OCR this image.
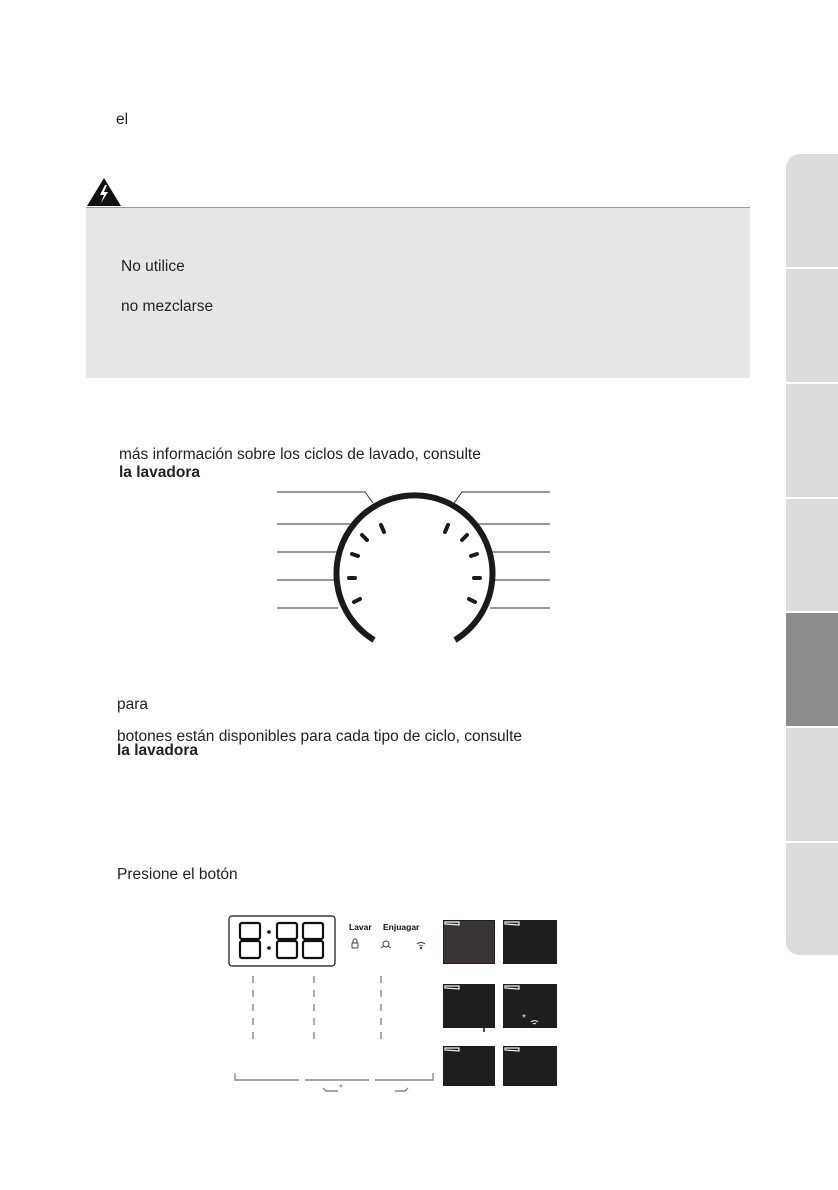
el
No utilice
no mezclarse
más información sobre los ciclos de lavado, consulte
la lavadora
para
botones están disponibles para cada tipo de ciclo, consulte
la lavadora
Presione el botón
Lavar Enjuagar
*
*
